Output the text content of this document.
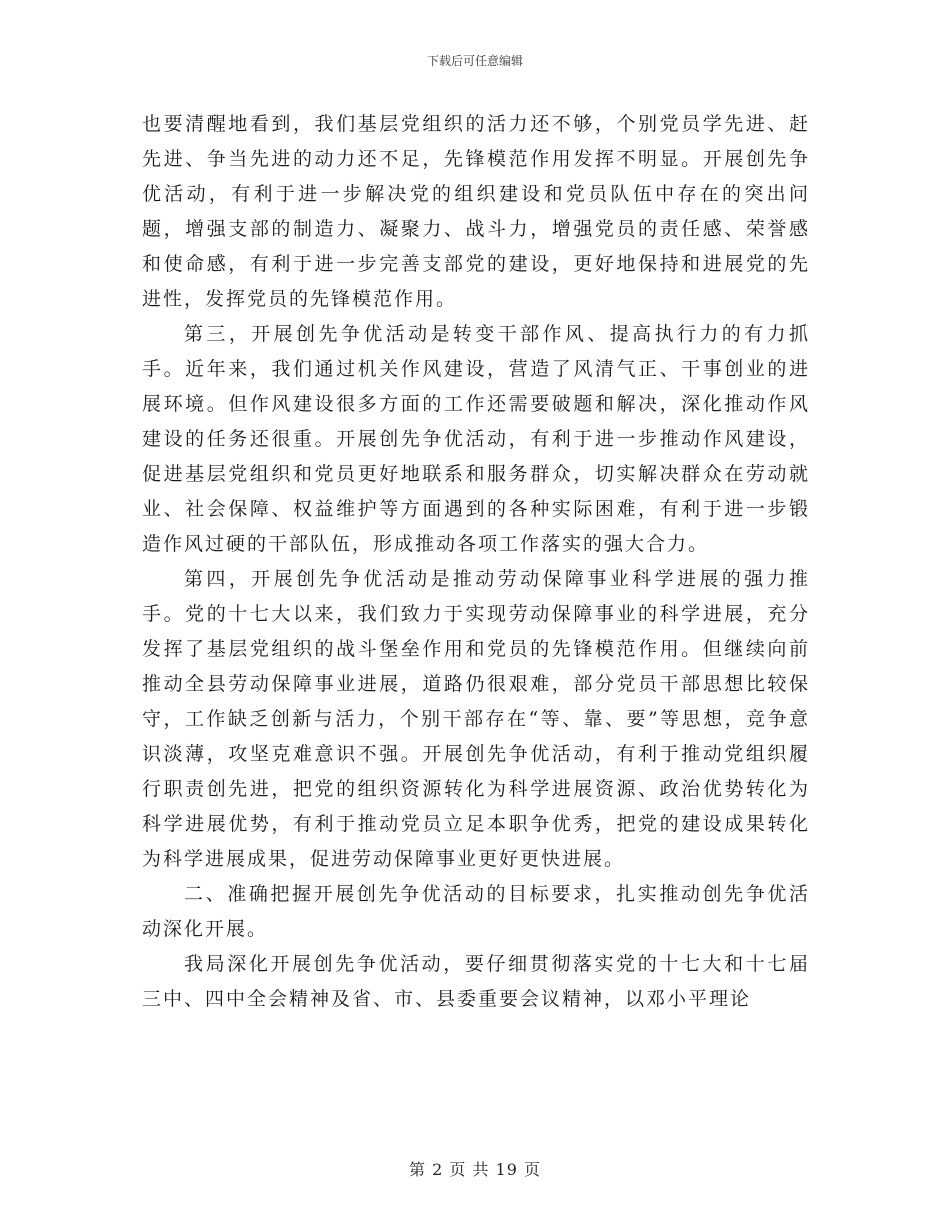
下载后可任意编辑

也要清醒地看到，我们基层党组织的活力还不够，个别党员学先进、赶先进、争当先进的动力还不足，先锋模范作用发挥不明显。开展创先争优活动，有利于进一步解决党的组织建设和党员队伍中存在的突出问题，增强支部的制造力、凝聚力、战斗力，增强党员的责任感、荣誉感和使命感，有利于进一步完善支部党的建设，更好地保持和进展党的先进性，发挥党员的先锋模范作用。

第三，开展创先争优活动是转变干部作风、提高执行力的有力抓手。近年来，我们通过机关作风建设，营造了风清气正、干事创业的进展环境。但作风建设很多方面的工作还需要破题和解决，深化推动作风建设的任务还很重。开展创先争优活动，有利于进一步推动作风建设，促进基层党组织和党员更好地联系和服务群众，切实解决群众在劳动就业、社会保障、权益维护等方面遇到的各种实际困难，有利于进一步锻造作风过硬的干部队伍，形成推动各项工作落实的强大合力。

第四，开展创先争优活动是推动劳动保障事业科学进展的强力推手。党的十七大以来，我们致力于实现劳动保障事业的科学进展，充分发挥了基层党组织的战斗堡垒作用和党员的先锋模范作用。但继续向前推动全县劳动保障事业进展，道路仍很艰难，部分党员干部思想比较保守，工作缺乏创新与活力，个别干部存在“等、靠、要”等思想，竞争意识淡薄，攻坚克难意识不强。开展创先争优活动，有利于推动党组织履行职责创先进，把党的组织资源转化为科学进展资源、政治优势转化为科学进展优势，有利于推动党员立足本职争优秀，把党的建设成果转化为科学进展成果，促进劳动保障事业更好更快进展。

二、准确把握开展创先争优活动的目标要求，扎实推动创先争优活动深化开展。

我局深化开展创先争优活动，要仔细贯彻落实党的十七大和十七届三中、四中全会精神及省、市、县委重要会议精神，以邓小平理论

第 2 页 共 19 页
